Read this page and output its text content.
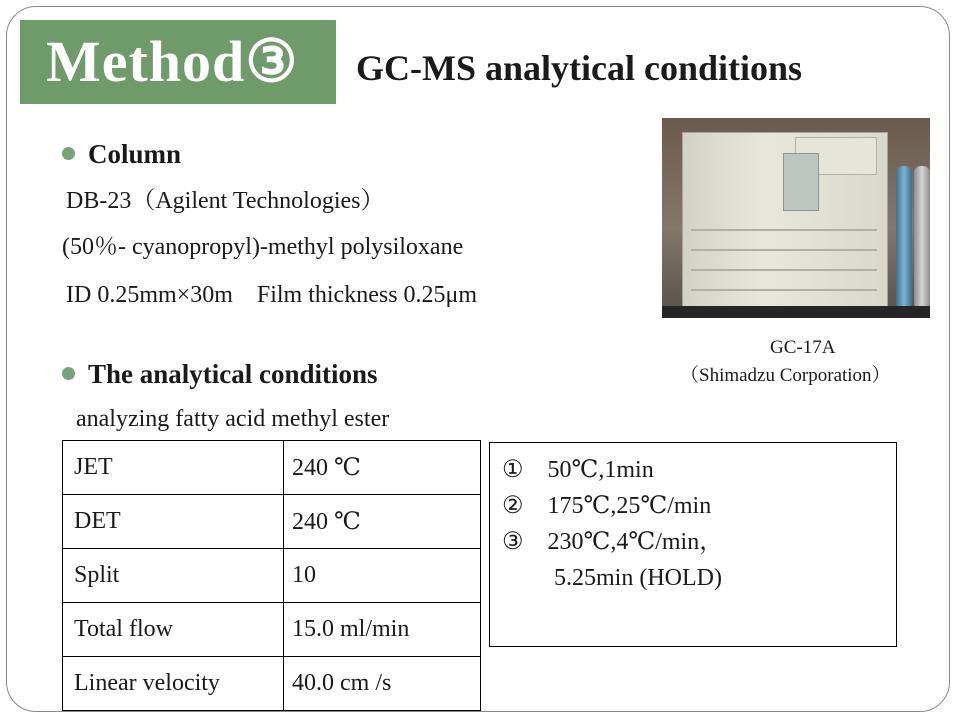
Method③ GC-MS analytical conditions
Column
DB-23（Agilent Technologies）
(50％- cyanopropyl)-methyl polysiloxane
ID 0.25mm×30m　Film thickness 0.25μm
GC-17A
（Shimadzu Corporation）
The analytical conditions
analyzing fatty acid methyl ester
JET	240 ℃
DET	240 ℃
Split	10
Total flow	15.0 ml/min
Linear velocity	40.0 cm /s
①　50℃,1min
②　175℃,25℃/min
③　230℃,4℃/min，
5.25min (HOLD)
